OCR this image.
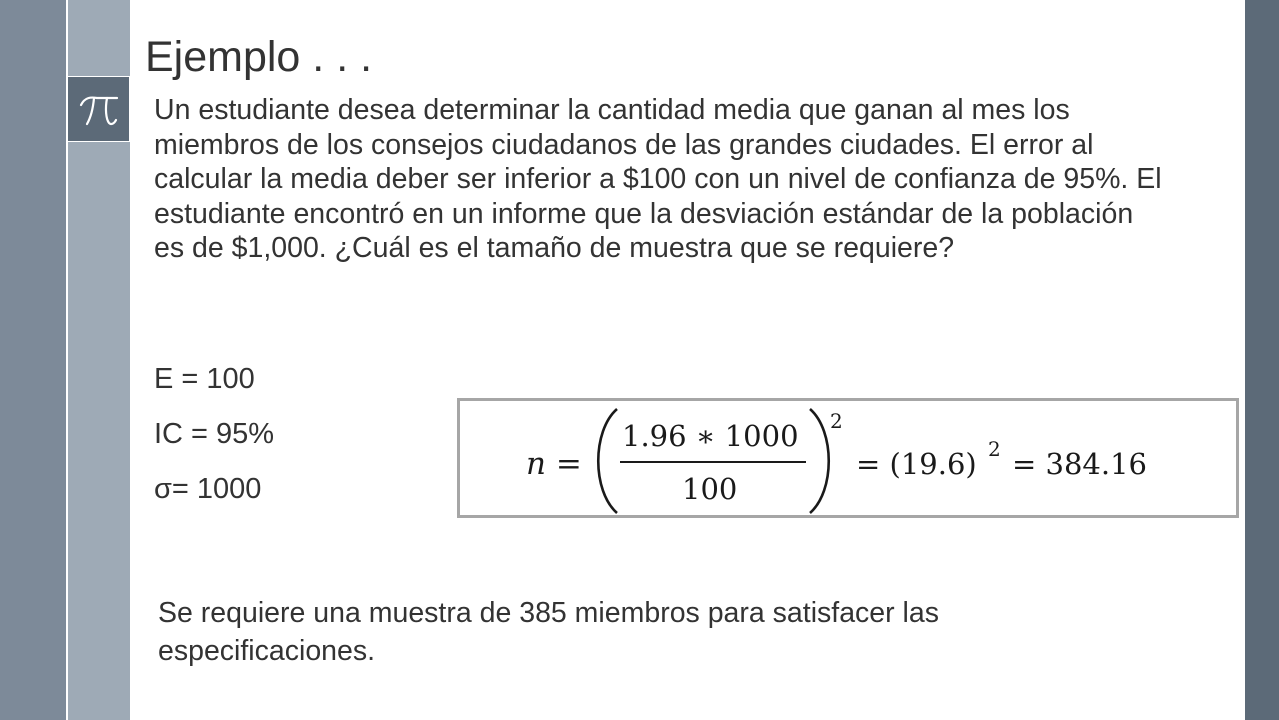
Ejemplo . . .
Un estudiante desea determinar la cantidad media que ganan al mes los miembros de los consejos ciudadanos de las grandes ciudades. El error al calcular la media deber ser inferior a $100 con un nivel de confianza de 95%. El estudiante encontró en un informe que la desviación estándar de la población es de $1,000. ¿Cuál es el tamaño de muestra que se requiere?
E = 100
IC = 95%
σ= 1000
n =
1.96 ∗ 1000
100
2
= (19.6) 2 = 384.16
Se requiere una muestra de 385 miembros para satisfacer las especificaciones.
